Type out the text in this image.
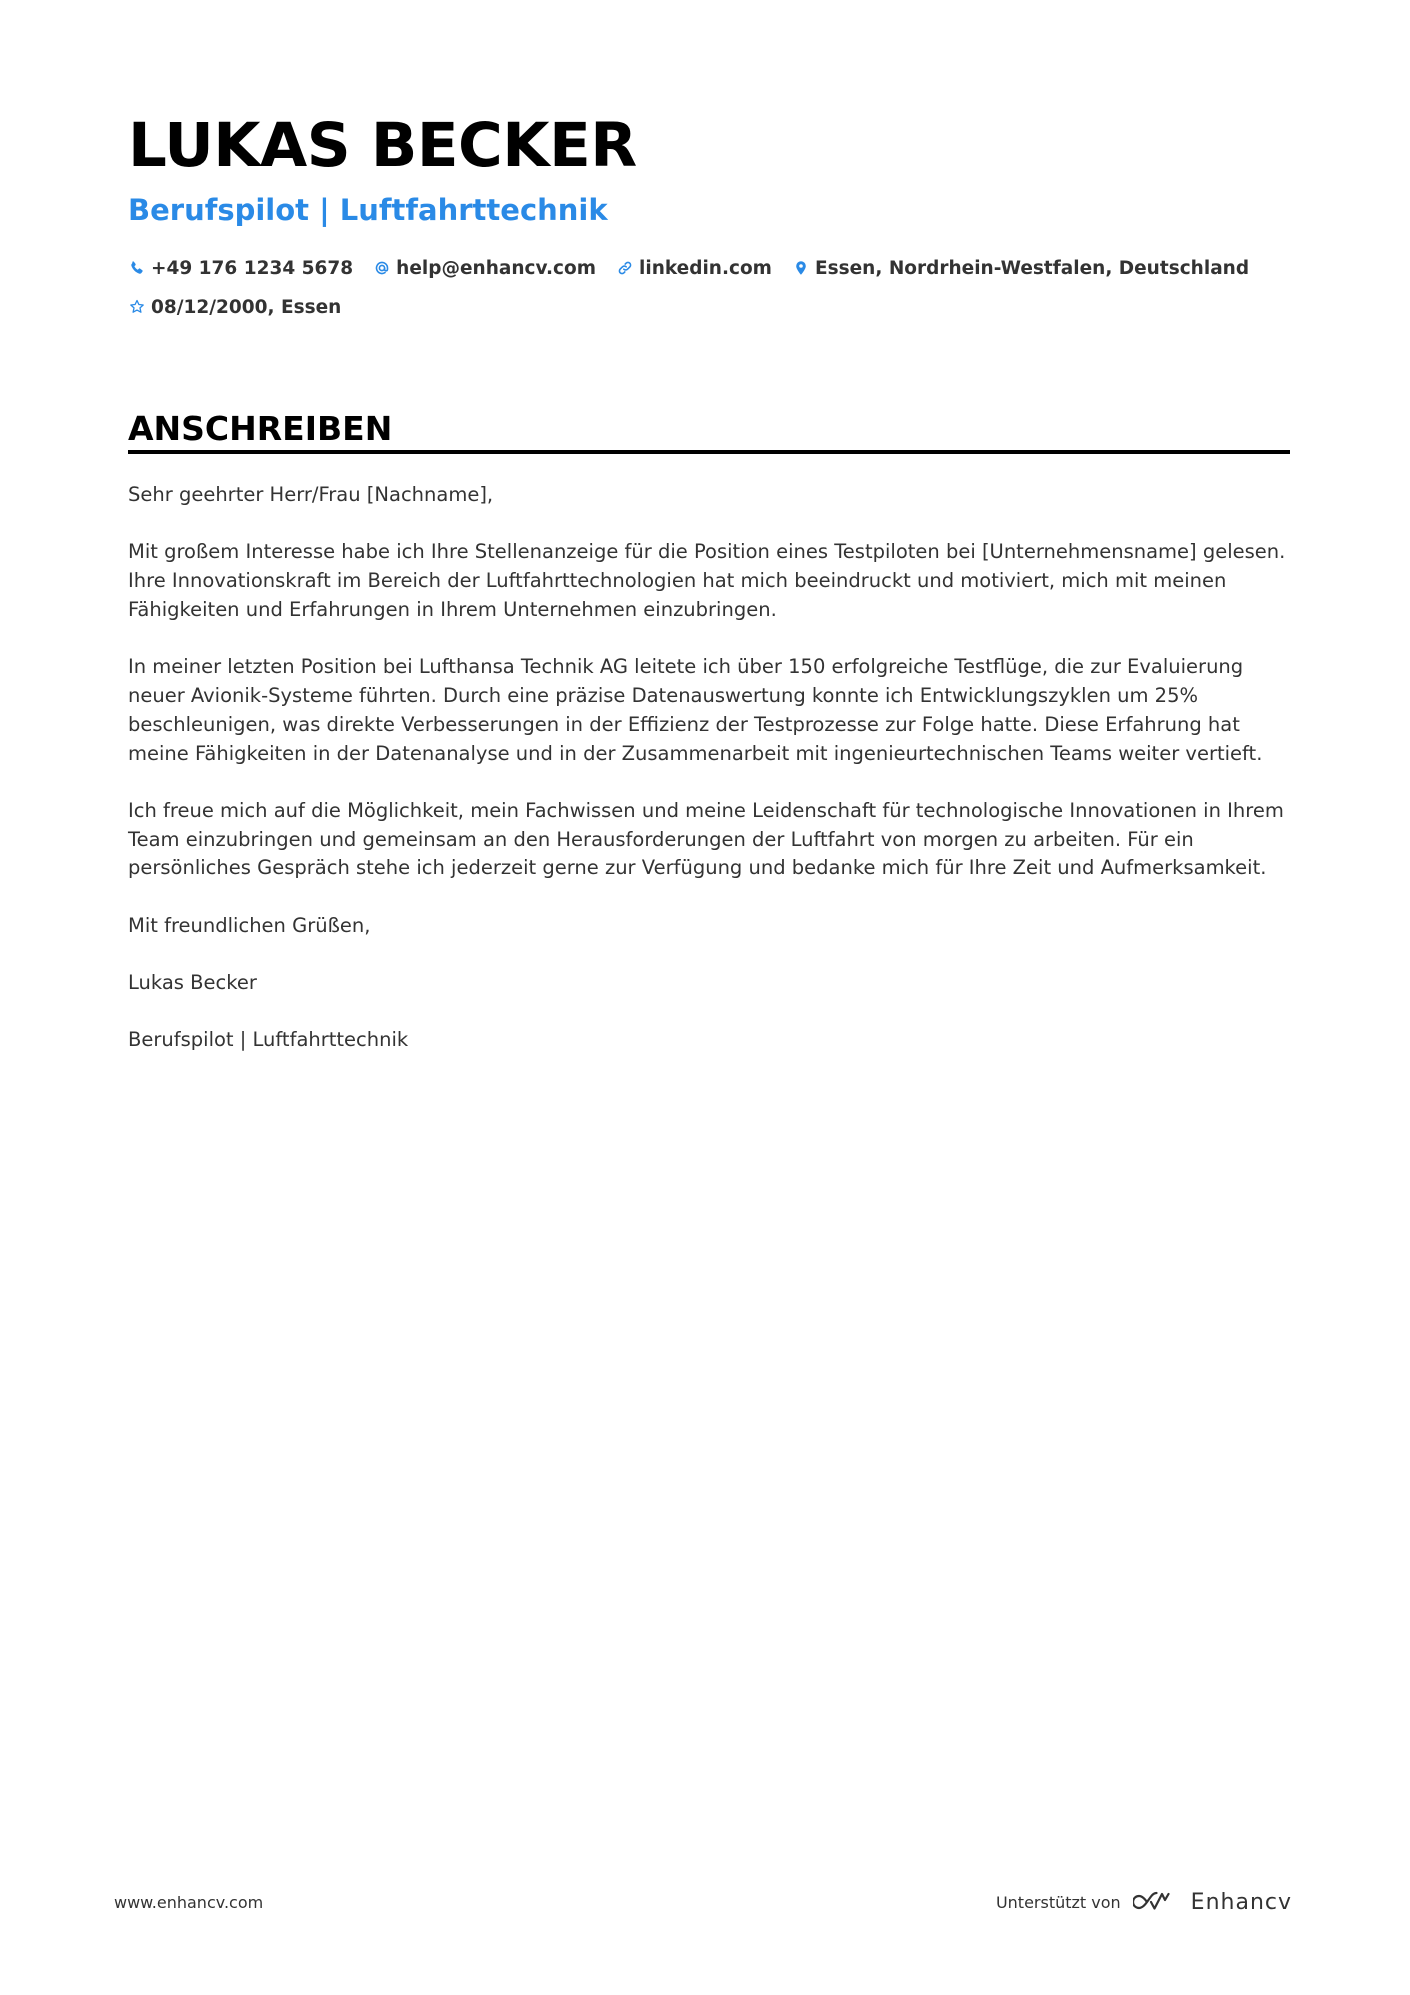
LUKAS BECKER
Berufspilot | Luftfahrttechnik
+49 176 1234 5678 help@enhancv.com linkedin.com Essen, Nordrhein-Westfalen, Deutschland
08/12/2000, Essen
ANSCHREIBEN

Sehr geehrter Herr/Frau [Nachname],

Mit großem Interesse habe ich Ihre Stellenanzeige für die Position eines Testpiloten bei [Unternehmensname] gelesen. Ihre Innovationskraft im Bereich der Luftfahrttechnologien hat mich beeindruckt und motiviert, mich mit meinen Fähigkeiten und Erfahrungen in Ihrem Unternehmen einzubringen.

In meiner letzten Position bei Lufthansa Technik AG leitete ich über 150 erfolgreiche Testflüge, die zur Evaluierung neuer Avionik-Systeme führten. Durch eine präzise Datenauswertung konnte ich Entwicklungszyklen um 25% beschleunigen, was direkte Verbesserungen in der Effizienz der Testprozesse zur Folge hatte. Diese Erfahrung hat meine Fähigkeiten in der Datenanalyse und in der Zusammenarbeit mit ingenieurtechnischen Teams weiter vertieft.

Ich freue mich auf die Möglichkeit, mein Fachwissen und meine Leidenschaft für technologische Innovationen in Ihrem Team einzubringen und gemeinsam an den Herausforderungen der Luftfahrt von morgen zu arbeiten. Für ein persönliches Gespräch stehe ich jederzeit gerne zur Verfügung und bedanke mich für Ihre Zeit und Aufmerksamkeit.

Mit freundlichen Grüßen,

Lukas Becker

Berufspilot | Luftfahrttechnik

www.enhancv.com	Unterstützt von	Enhancv
